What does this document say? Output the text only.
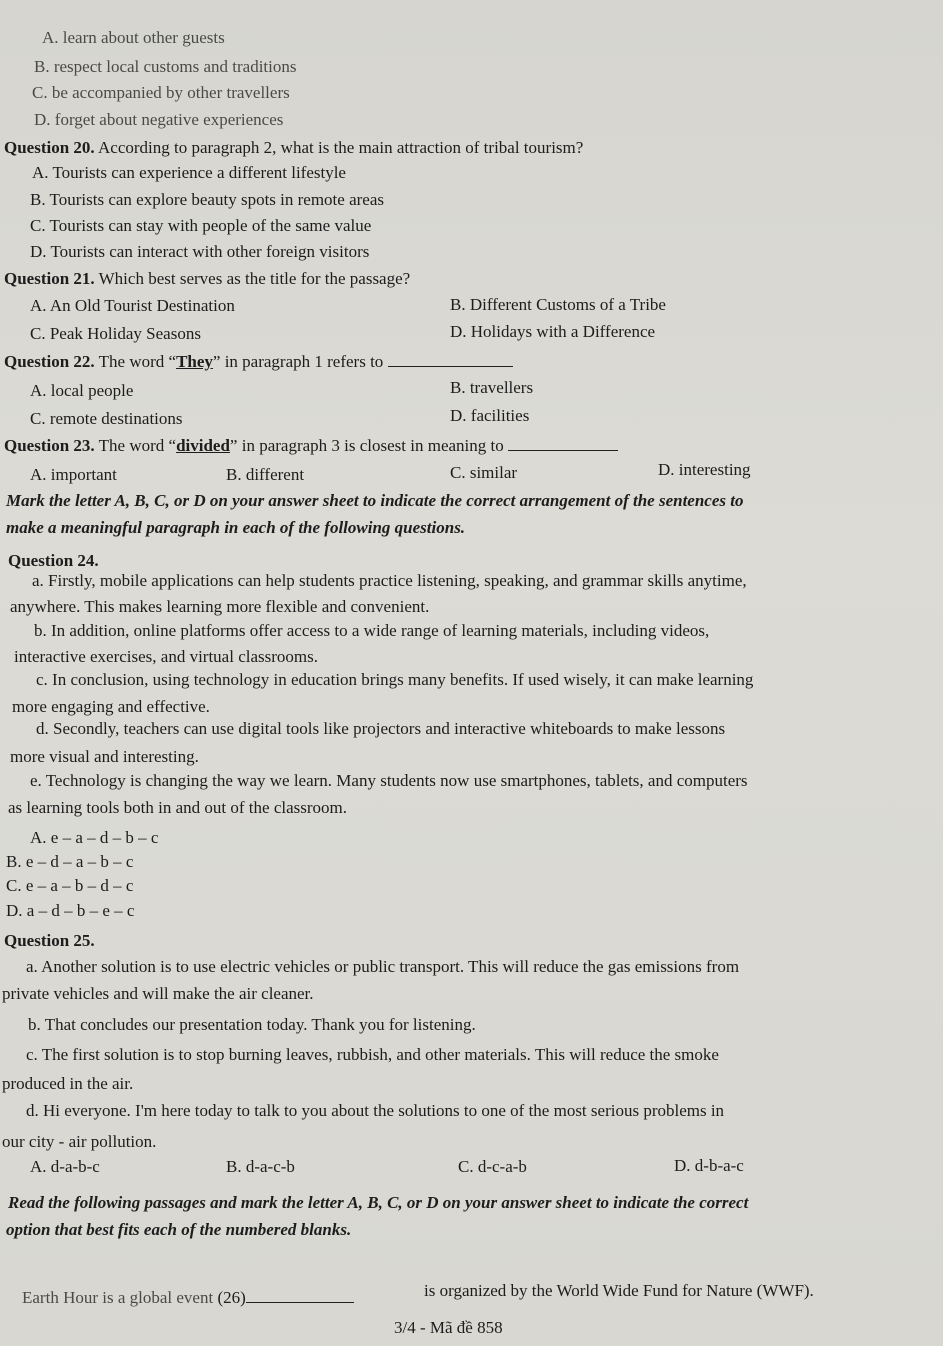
A. learn about other guests
B. respect local customs and traditions
C. be accompanied by other travellers
D. forget about negative experiences
Question 20. According to paragraph 2, what is the main attraction of tribal tourism?
A. Tourists can experience a different lifestyle
B. Tourists can explore beauty spots in remote areas
C. Tourists can stay with people of the same value
D. Tourists can interact with other foreign visitors
Question 21. Which best serves as the title for the passage?
A. An Old Tourist Destination	B. Different Customs of a Tribe
C. Peak Holiday Seasons	D. Holidays with a Difference
Question 22. The word “They” in paragraph 1 refers to
A. local people	B. travellers
C. remote destinations	D. facilities
Question 23. The word “divided” in paragraph 3 is closest in meaning to
A. important	B. different	C. similar	D. interesting
Mark the letter A, B, C, or D on your answer sheet to indicate the correct arrangement of the sentences to
make a meaningful paragraph in each of the following questions.
Question 24.
a. Firstly, mobile applications can help students practice listening, speaking, and grammar skills anytime,
anywhere. This makes learning more flexible and convenient.
b. In addition, online platforms offer access to a wide range of learning materials, including videos,
interactive exercises, and virtual classrooms.
c. In conclusion, using technology in education brings many benefits. If used wisely, it can make learning
more engaging and effective.
d. Secondly, teachers can use digital tools like projectors and interactive whiteboards to make lessons
more visual and interesting.
e. Technology is changing the way we learn. Many students now use smartphones, tablets, and computers
as learning tools both in and out of the classroom.
A. e – a – d – b – c
B. e – d – a – b – c
C. e – a – b – d – c
D. a – d – b – e – c
Question 25.
a. Another solution is to use electric vehicles or public transport. This will reduce the gas emissions from
private vehicles and will make the air cleaner.
b. That concludes our presentation today. Thank you for listening.
c. The first solution is to stop burning leaves, rubbish, and other materials. This will reduce the smoke
produced in the air.
d. Hi everyone. I'm here today to talk to you about the solutions to one of the most serious problems in
our city - air pollution.
A. d-a-b-c	B. d-a-c-b	C. d-c-a-b	D. d-b-a-c
Read the following passages and mark the letter A, B, C, or D on your answer sheet to indicate the correct
option that best fits each of the numbered blanks.
Earth Hour is a global event (26)	is organized by the World Wide Fund for Nature (WWF).
3/4 - Mã đề 858
